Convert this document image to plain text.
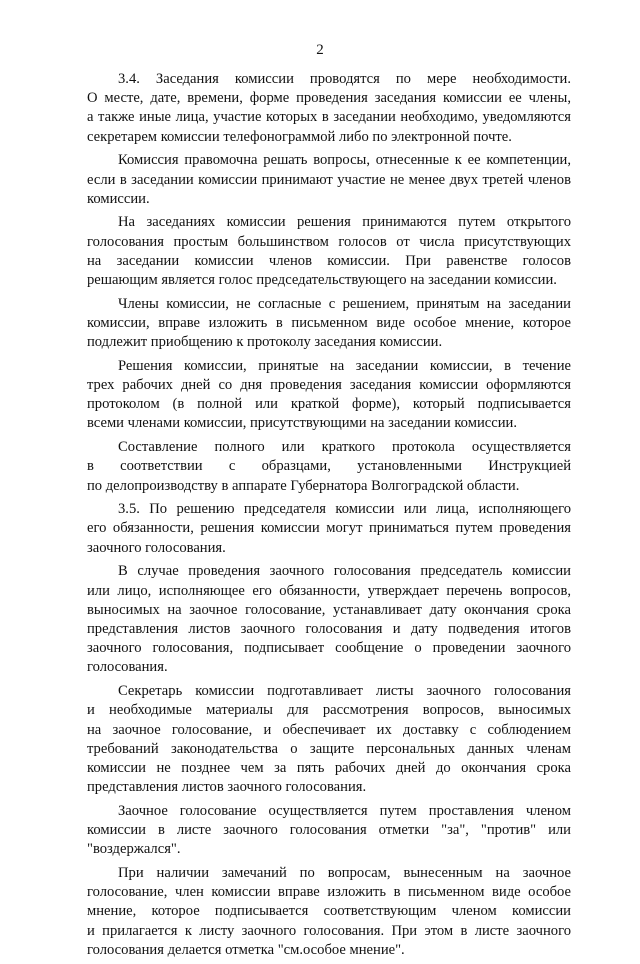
2

3.4. Заседания комиссии проводятся по мере необходимости.
О месте, дате, времени, форме проведения заседания комиссии ее члены,
а также иные лица, участие которых в заседании необходимо, уведомляются
секретарем комиссии телефонограммой либо по электронной почте.

Комиссия правомочна решать вопросы, отнесенные к ее компетенции,
если в заседании комиссии принимают участие не менее двух третей членов
комиссии.

На заседаниях комиссии решения принимаются путем открытого
голосования простым большинством голосов от числа присутствующих
на заседании комиссии членов комиссии. При равенстве голосов
решающим является голос председательствующего на заседании комиссии.

Члены комиссии, не согласные с решением, принятым на заседании
комиссии, вправе изложить в письменном виде особое мнение, которое
подлежит приобщению к протоколу заседания комиссии.

Решения комиссии, принятые на заседании комиссии, в течение
трех рабочих дней со дня проведения заседания комиссии оформляются
протоколом (в полной или краткой форме), который подписывается
всеми членами комиссии, присутствующими на заседании комиссии.

Составление полного или краткого протокола осуществляется
в соответствии с образцами, установленными Инструкцией
по делопроизводству в аппарате Губернатора Волгоградской области.

3.5. По решению председателя комиссии или лица, исполняющего
его обязанности, решения комиссии могут приниматься путем проведения
заочного голосования.

В случае проведения заочного голосования председатель комиссии
или лицо, исполняющее его обязанности, утверждает перечень вопросов,
выносимых на заочное голосование, устанавливает дату окончания срока
представления листов заочного голосования и дату подведения итогов
заочного голосования, подписывает сообщение о проведении заочного
голосования.

Секретарь комиссии подготавливает листы заочного голосования
и необходимые материалы для рассмотрения вопросов, выносимых
на заочное голосование, и обеспечивает их доставку с соблюдением
требований законодательства о защите персональных данных членам
комиссии не позднее чем за пять рабочих дней до окончания срока
представления листов заочного голосования.

Заочное голосование осуществляется путем проставления членом
комиссии в листе заочного голосования отметки "за", "против" или
"воздержался".

При наличии замечаний по вопросам, вынесенным на заочное
голосование, член комиссии вправе изложить в письменном виде особое
мнение, которое подписывается соответствующим членом комиссии
и прилагается к листу заочного голосования. При этом в листе заочного
голосования делается отметка "см.особое мнение".
